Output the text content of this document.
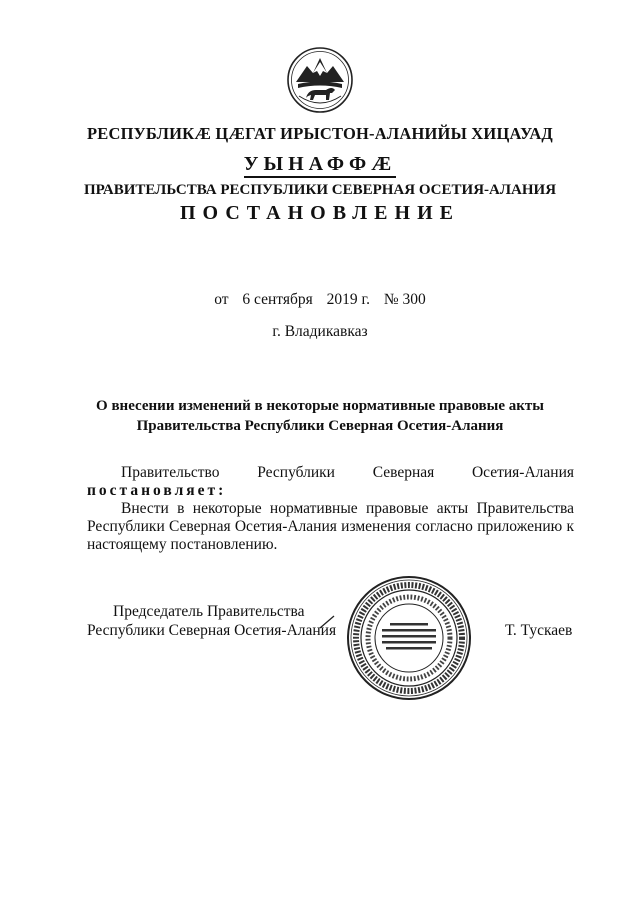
РЕСПУБЛИКӔ ЦӔГАТ ИРЫСТОН-АЛАНИЙЫ ХИЦАУАД
УЫНАФФӔ
ПРАВИТЕЛЬСТВА РЕСПУБЛИКИ СЕВЕРНАЯ ОСЕТИЯ-АЛАНИЯ
ПОСТАНОВЛЕНИЕ
от 6 сентября 2019 г. № 300
г. Владикавказ
О внесении изменений в некоторые нормативные правовые акты
Правительства Республики Северная Осетия-Алания
Правительство Республики Северная Осетия-Алания
постановляет:
Внести в некоторые нормативные правовые акты Правительства
Республики Северная Осетия-Алания изменения согласно приложению к
настоящему постановлению.
Председатель Правительства
Республики Северная Осетия-Алания	Т. Тускаев
